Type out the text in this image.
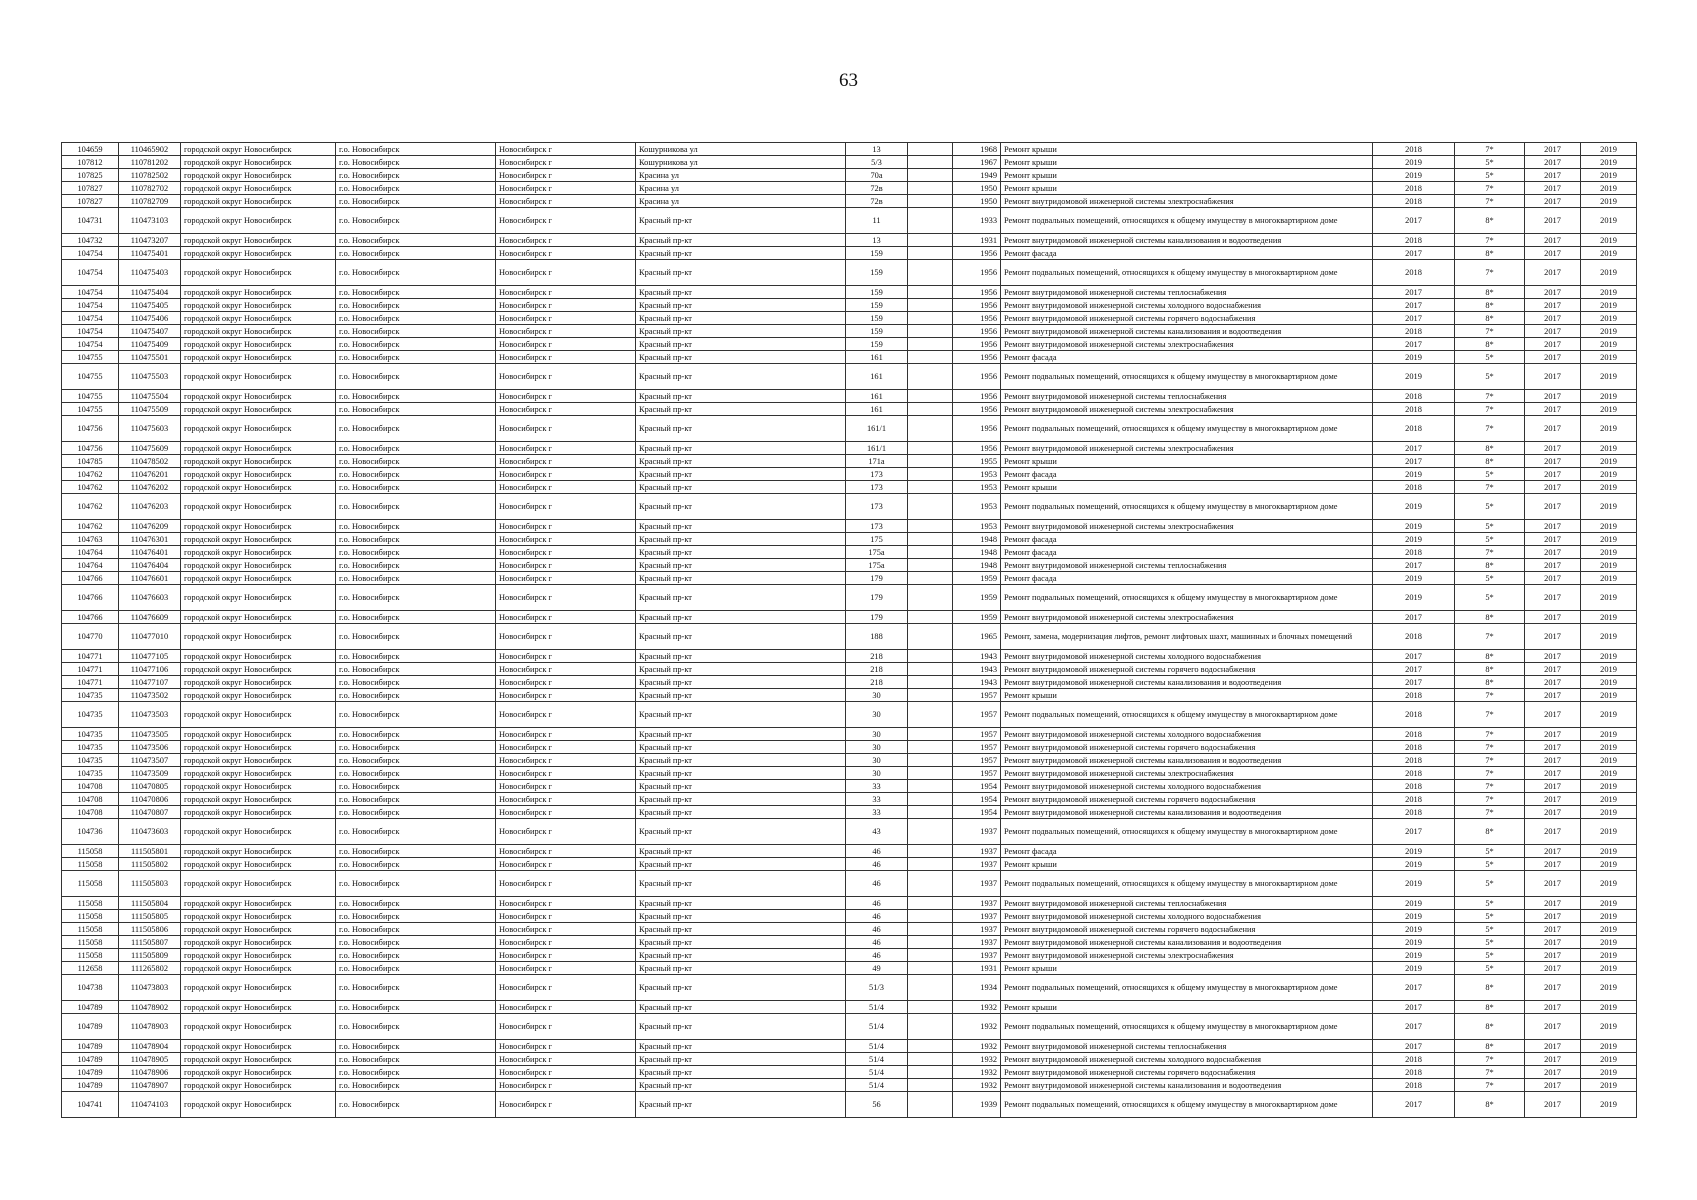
63
104659	110465902	городской округ Новосибирск	г.о. Новосибирск	Новосибирск г	Кошурникова ул	13		1968	Ремонт крыши	2018	7*	2017	2019
107812	110781202	городской округ Новосибирск	г.о. Новосибирск	Новосибирск г	Кошурникова ул	5/3		1967	Ремонт крыши	2019	5*	2017	2019
107825	110782502	городской округ Новосибирск	г.о. Новосибирск	Новосибирск г	Красина ул	70а		1949	Ремонт крыши	2019	5*	2017	2019
107827	110782702	городской округ Новосибирск	г.о. Новосибирск	Новосибирск г	Красина ул	72в		1950	Ремонт крыши	2018	7*	2017	2019
107827	110782709	городской округ Новосибирск	г.о. Новосибирск	Новосибирск г	Красина ул	72в		1950	Ремонт внутридомовой инженерной системы электроснабжения	2018	7*	2017	2019
104731	110473103	городской округ Новосибирск	г.о. Новосибирск	Новосибирск г	Красный пр-кт	11		1933	Ремонт подвальных помещений, относящихся к общему имуществу в многоквартирном доме	2017	8*	2017	2019
104732	110473207	городской округ Новосибирск	г.о. Новосибирск	Новосибирск г	Красный пр-кт	13		1931	Ремонт внутридомовой инженерной системы канализования и водоотведения	2018	7*	2017	2019
104754	110475401	городской округ Новосибирск	г.о. Новосибирск	Новосибирск г	Красный пр-кт	159		1956	Ремонт фасада	2017	8*	2017	2019
104754	110475403	городской округ Новосибирск	г.о. Новосибирск	Новосибирск г	Красный пр-кт	159		1956	Ремонт подвальных помещений, относящихся к общему имуществу в многоквартирном доме	2018	7*	2017	2019
104754	110475404	городской округ Новосибирск	г.о. Новосибирск	Новосибирск г	Красный пр-кт	159		1956	Ремонт внутридомовой инженерной системы теплоснабжения	2017	8*	2017	2019
104754	110475405	городской округ Новосибирск	г.о. Новосибирск	Новосибирск г	Красный пр-кт	159		1956	Ремонт внутридомовой инженерной системы холодного водоснабжения	2017	8*	2017	2019
104754	110475406	городской округ Новосибирск	г.о. Новосибирск	Новосибирск г	Красный пр-кт	159		1956	Ремонт внутридомовой инженерной системы горячего водоснабжения	2017	8*	2017	2019
104754	110475407	городской округ Новосибирск	г.о. Новосибирск	Новосибирск г	Красный пр-кт	159		1956	Ремонт внутридомовой инженерной системы канализования и водоотведения	2018	7*	2017	2019
104754	110475409	городской округ Новосибирск	г.о. Новосибирск	Новосибирск г	Красный пр-кт	159		1956	Ремонт внутридомовой инженерной системы электроснабжения	2017	8*	2017	2019
104755	110475501	городской округ Новосибирск	г.о. Новосибирск	Новосибирск г	Красный пр-кт	161		1956	Ремонт фасада	2019	5*	2017	2019
104755	110475503	городской округ Новосибирск	г.о. Новосибирск	Новосибирск г	Красный пр-кт	161		1956	Ремонт подвальных помещений, относящихся к общему имуществу в многоквартирном доме	2019	5*	2017	2019
104755	110475504	городской округ Новосибирск	г.о. Новосибирск	Новосибирск г	Красный пр-кт	161		1956	Ремонт внутридомовой инженерной системы теплоснабжения	2018	7*	2017	2019
104755	110475509	городской округ Новосибирск	г.о. Новосибирск	Новосибирск г	Красный пр-кт	161		1956	Ремонт внутридомовой инженерной системы электроснабжения	2018	7*	2017	2019
104756	110475603	городской округ Новосибирск	г.о. Новосибирск	Новосибирск г	Красный пр-кт	161/1		1956	Ремонт подвальных помещений, относящихся к общему имуществу в многоквартирном доме	2018	7*	2017	2019
104756	110475609	городской округ Новосибирск	г.о. Новосибирск	Новосибирск г	Красный пр-кт	161/1		1956	Ремонт внутридомовой инженерной системы электроснабжения	2017	8*	2017	2019
104785	110478502	городской округ Новосибирск	г.о. Новосибирск	Новосибирск г	Красный пр-кт	171а		1955	Ремонт крыши	2017	8*	2017	2019
104762	110476201	городской округ Новосибирск	г.о. Новосибирск	Новосибирск г	Красный пр-кт	173		1953	Ремонт фасада	2019	5*	2017	2019
104762	110476202	городской округ Новосибирск	г.о. Новосибирск	Новосибирск г	Красный пр-кт	173		1953	Ремонт крыши	2018	7*	2017	2019
104762	110476203	городской округ Новосибирск	г.о. Новосибирск	Новосибирск г	Красный пр-кт	173		1953	Ремонт подвальных помещений, относящихся к общему имуществу в многоквартирном доме	2019	5*	2017	2019
104762	110476209	городской округ Новосибирск	г.о. Новосибирск	Новосибирск г	Красный пр-кт	173		1953	Ремонт внутридомовой инженерной системы электроснабжения	2019	5*	2017	2019
104763	110476301	городской округ Новосибирск	г.о. Новосибирск	Новосибирск г	Красный пр-кт	175		1948	Ремонт фасада	2019	5*	2017	2019
104764	110476401	городской округ Новосибирск	г.о. Новосибирск	Новосибирск г	Красный пр-кт	175а		1948	Ремонт фасада	2018	7*	2017	2019
104764	110476404	городской округ Новосибирск	г.о. Новосибирск	Новосибирск г	Красный пр-кт	175а		1948	Ремонт внутридомовой инженерной системы теплоснабжения	2017	8*	2017	2019
104766	110476601	городской округ Новосибирск	г.о. Новосибирск	Новосибирск г	Красный пр-кт	179		1959	Ремонт фасада	2019	5*	2017	2019
104766	110476603	городской округ Новосибирск	г.о. Новосибирск	Новосибирск г	Красный пр-кт	179		1959	Ремонт подвальных помещений, относящихся к общему имуществу в многоквартирном доме	2019	5*	2017	2019
104766	110476609	городской округ Новосибирск	г.о. Новосибирск	Новосибирск г	Красный пр-кт	179		1959	Ремонт внутридомовой инженерной системы электроснабжения	2017	8*	2017	2019
104770	110477010	городской округ Новосибирск	г.о. Новосибирск	Новосибирск г	Красный пр-кт	188		1965	Ремонт, замена, модернизация лифтов, ремонт лифтовых шахт, машинных и блочных помещений	2018	7*	2017	2019
104771	110477105	городской округ Новосибирск	г.о. Новосибирск	Новосибирск г	Красный пр-кт	218		1943	Ремонт внутридомовой инженерной системы холодного водоснабжения	2017	8*	2017	2019
104771	110477106	городской округ Новосибирск	г.о. Новосибирск	Новосибирск г	Красный пр-кт	218		1943	Ремонт внутридомовой инженерной системы горячего водоснабжения	2017	8*	2017	2019
104771	110477107	городской округ Новосибирск	г.о. Новосибирск	Новосибирск г	Красный пр-кт	218		1943	Ремонт внутридомовой инженерной системы канализования и водоотведения	2017	8*	2017	2019
104735	110473502	городской округ Новосибирск	г.о. Новосибирск	Новосибирск г	Красный пр-кт	30		1957	Ремонт крыши	2018	7*	2017	2019
104735	110473503	городской округ Новосибирск	г.о. Новосибирск	Новосибирск г	Красный пр-кт	30		1957	Ремонт подвальных помещений, относящихся к общему имуществу в многоквартирном доме	2018	7*	2017	2019
104735	110473505	городской округ Новосибирск	г.о. Новосибирск	Новосибирск г	Красный пр-кт	30		1957	Ремонт внутридомовой инженерной системы холодного водоснабжения	2018	7*	2017	2019
104735	110473506	городской округ Новосибирск	г.о. Новосибирск	Новосибирск г	Красный пр-кт	30		1957	Ремонт внутридомовой инженерной системы горячего водоснабжения	2018	7*	2017	2019
104735	110473507	городской округ Новосибирск	г.о. Новосибирск	Новосибирск г	Красный пр-кт	30		1957	Ремонт внутридомовой инженерной системы канализования и водоотведения	2018	7*	2017	2019
104735	110473509	городской округ Новосибирск	г.о. Новосибирск	Новосибирск г	Красный пр-кт	30		1957	Ремонт внутридомовой инженерной системы электроснабжения	2018	7*	2017	2019
104708	110470805	городской округ Новосибирск	г.о. Новосибирск	Новосибирск г	Красный пр-кт	33		1954	Ремонт внутридомовой инженерной системы холодного водоснабжения	2018	7*	2017	2019
104708	110470806	городской округ Новосибирск	г.о. Новосибирск	Новосибирск г	Красный пр-кт	33		1954	Ремонт внутридомовой инженерной системы горячего водоснабжения	2018	7*	2017	2019
104708	110470807	городской округ Новосибирск	г.о. Новосибирск	Новосибирск г	Красный пр-кт	33		1954	Ремонт внутридомовой инженерной системы канализования и водоотведения	2018	7*	2017	2019
104736	110473603	городской округ Новосибирск	г.о. Новосибирск	Новосибирск г	Красный пр-кт	43		1937	Ремонт подвальных помещений, относящихся к общему имуществу в многоквартирном доме	2017	8*	2017	2019
115058	111505801	городской округ Новосибирск	г.о. Новосибирск	Новосибирск г	Красный пр-кт	46		1937	Ремонт фасада	2019	5*	2017	2019
115058	111505802	городской округ Новосибирск	г.о. Новосибирск	Новосибирск г	Красный пр-кт	46		1937	Ремонт крыши	2019	5*	2017	2019
115058	111505803	городской округ Новосибирск	г.о. Новосибирск	Новосибирск г	Красный пр-кт	46		1937	Ремонт подвальных помещений, относящихся к общему имуществу в многоквартирном доме	2019	5*	2017	2019
115058	111505804	городской округ Новосибирск	г.о. Новосибирск	Новосибирск г	Красный пр-кт	46		1937	Ремонт внутридомовой инженерной системы теплоснабжения	2019	5*	2017	2019
115058	111505805	городской округ Новосибирск	г.о. Новосибирск	Новосибирск г	Красный пр-кт	46		1937	Ремонт внутридомовой инженерной системы холодного водоснабжения	2019	5*	2017	2019
115058	111505806	городской округ Новосибирск	г.о. Новосибирск	Новосибирск г	Красный пр-кт	46		1937	Ремонт внутридомовой инженерной системы горячего водоснабжения	2019	5*	2017	2019
115058	111505807	городской округ Новосибирск	г.о. Новосибирск	Новосибирск г	Красный пр-кт	46		1937	Ремонт внутридомовой инженерной системы канализования и водоотведения	2019	5*	2017	2019
115058	111505809	городской округ Новосибирск	г.о. Новосибирск	Новосибирск г	Красный пр-кт	46		1937	Ремонт внутридомовой инженерной системы электроснабжения	2019	5*	2017	2019
112658	111265802	городской округ Новосибирск	г.о. Новосибирск	Новосибирск г	Красный пр-кт	49		1931	Ремонт крыши	2019	5*	2017	2019
104738	110473803	городской округ Новосибирск	г.о. Новосибирск	Новосибирск г	Красный пр-кт	51/3		1934	Ремонт подвальных помещений, относящихся к общему имуществу в многоквартирном доме	2017	8*	2017	2019
104789	110478902	городской округ Новосибирск	г.о. Новосибирск	Новосибирск г	Красный пр-кт	51/4		1932	Ремонт крыши	2017	8*	2017	2019
104789	110478903	городской округ Новосибирск	г.о. Новосибирск	Новосибирск г	Красный пр-кт	51/4		1932	Ремонт подвальных помещений, относящихся к общему имуществу в многоквартирном доме	2017	8*	2017	2019
104789	110478904	городской округ Новосибирск	г.о. Новосибирск	Новосибирск г	Красный пр-кт	51/4		1932	Ремонт внутридомовой инженерной системы теплоснабжения	2017	8*	2017	2019
104789	110478905	городской округ Новосибирск	г.о. Новосибирск	Новосибирск г	Красный пр-кт	51/4		1932	Ремонт внутридомовой инженерной системы холодного водоснабжения	2018	7*	2017	2019
104789	110478906	городской округ Новосибирск	г.о. Новосибирск	Новосибирск г	Красный пр-кт	51/4		1932	Ремонт внутридомовой инженерной системы горячего водоснабжения	2018	7*	2017	2019
104789	110478907	городской округ Новосибирск	г.о. Новосибирск	Новосибирск г	Красный пр-кт	51/4		1932	Ремонт внутридомовой инженерной системы канализования и водоотведения	2018	7*	2017	2019
104741	110474103	городской округ Новосибирск	г.о. Новосибирск	Новосибирск г	Красный пр-кт	56		1939	Ремонт подвальных помещений, относящихся к общему имуществу в многоквартирном доме	2017	8*	2017	2019
